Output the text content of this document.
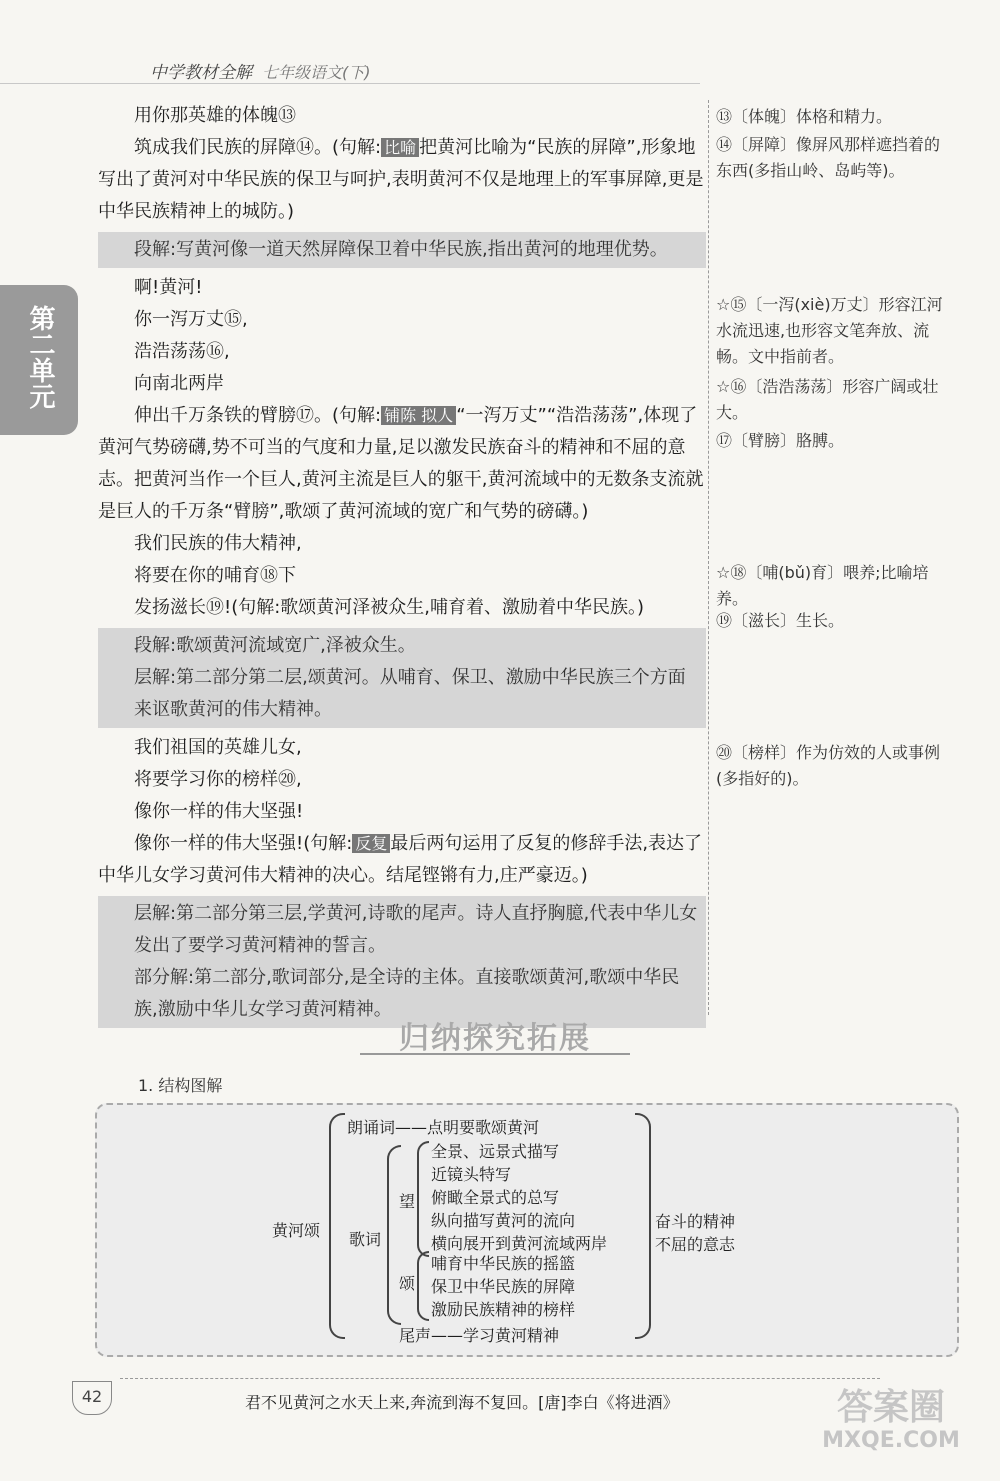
中学教材全解 七年级语文(下)
第二单元

用你那英雄的体魄⑬

筑成我们民族的屏障⑭。(句解: 比喻 把黄河比喻为“民族的屏障”,形象地写出了黄河对中华民族的保卫与呵护,表明黄河不仅是地理上的军事屏障,更是中华民族精神上的城防。)

段解:写黄河像一道天然屏障保卫着中华民族,指出黄河的地理优势。

啊!黄河!

你一泻万丈⑮,

浩浩荡荡⑯,

向南北两岸

伸出千万条铁的臂膀⑰。(句解: 铺陈 拟人 “一泻万丈”“浩浩荡荡”,体现了黄河气势磅礴,势不可当的气度和力量,足以激发民族奋斗的精神和不屈的意志。把黄河当作一个巨人,黄河主流是巨人的躯干,黄河流域中的无数条支流就是巨人的千万条“臂膀”,歌颂了黄河流域的宽广和气势的磅礴。)

我们民族的伟大精神,

将要在你的哺育⑱下

发扬滋长⑲!(句解:歌颂黄河泽被众生,哺育着、激励着中华民族。)

段解:歌颂黄河流域宽广,泽被众生。

层解:第二部分第二层,颂黄河。从哺育、保卫、激励中华民族三个方面来讴歌黄河的伟大精神。

我们祖国的英雄儿女,

将要学习你的榜样⑳,

像你一样的伟大坚强!

像你一样的伟大坚强!(句解: 反复 最后两句运用了反复的修辞手法,表达了中华儿女学习黄河伟大精神的决心。结尾铿锵有力,庄严豪迈。)

层解:第二部分第三层,学黄河,诗歌的尾声。诗人直抒胸臆,代表中华儿女发出了要学习黄河精神的誓言。

部分解:第二部分,歌词部分,是全诗的主体。直接歌颂黄河,歌颂中华民族,激励中华儿女学习黄河精神。

⑬〔体魄〕体格和精力。
⑭〔屏障〕像屏风那样遮挡着的东西(多指山岭、岛屿等)。
☆⑮〔一泻(xiè)万丈〕形容江河水流迅速,也形容文笔奔放、流畅。文中指前者。
☆⑯〔浩浩荡荡〕形容广阔或壮大。
⑰〔臂膀〕胳膊。
☆⑱〔哺(bǔ)育〕喂养;比喻培养。
⑲〔滋长〕生长。
⑳〔榜样〕作为仿效的人或事例(多指好的)。
归纳探究拓展
1. 结构图解
黄河颂
朗诵词——点明要歌颂黄河
歌词
望
全景、远景式描写
近镜头特写
俯瞰全景式的总写
纵向描写黄河的流向
横向展开到黄河流域两岸
颂
哺育中华民族的摇篮
保卫中华民族的屏障
激励民族精神的榜样
尾声——学习黄河精神
奋斗的精神
不屈的意志
42	君不见黄河之水天上来,奔流到海不复回。[唐]李白《将进酒》	答案圈
MXQE.COM
